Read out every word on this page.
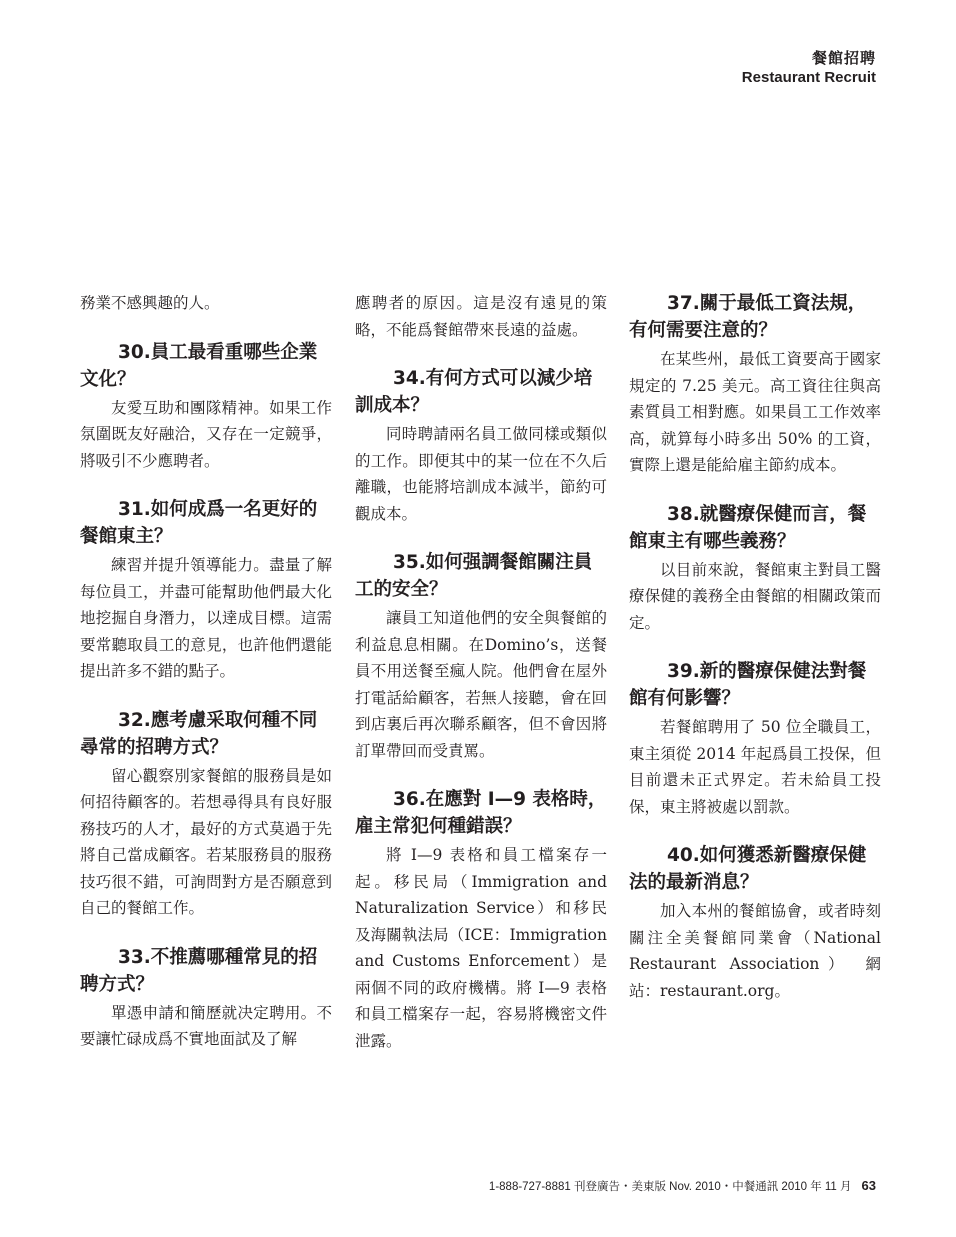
餐館招聘
Restaurant Recruit

務業不感興趣的人。

30.員工最看重哪些企業文化？

友愛互助和團隊精神。如果工作氛圍既友好融洽，又存在一定競爭，將吸引不少應聘者。

31.如何成爲一名更好的餐館東主？

練習并提升領導能力。盡量了解每位員工，并盡可能幫助他們最大化地挖掘自身潛力，以達成目標。這需要常聽取員工的意見，也許他們還能提出許多不錯的點子。

32.應考慮采取何種不同尋常的招聘方式？

留心觀察別家餐館的服務員是如何招待顧客的。若想尋得具有良好服務技巧的人才，最好的方式莫過于先將自己當成顧客。若某服務員的服務技巧很不錯，可詢問對方是否願意到自己的餐館工作。

33.不推薦哪種常見的招聘方式？

單憑申請和簡歷就决定聘用。不要讓忙碌成爲不實地面試及了解

應聘者的原因。這是沒有遠見的策略，不能爲餐館帶來長遠的益處。

34.有何方式可以減少培訓成本？

同時聘請兩名員工做同樣或類似的工作。即便其中的某一位在不久后離職，也能將培訓成本減半，節約可觀成本。

35.如何强調餐館關注員工的安全？

讓員工知道他們的安全與餐館的利益息息相關。在Domino’s，送餐員不用送餐至瘋人院。他們會在屋外打電話給顧客，若無人接聽，會在回到店裏后再次聯系顧客，但不會因將訂單帶回而受責罵。

36.在應對 I—9 表格時，雇主常犯何種錯誤？

將 I—9 表格和員工檔案存一起。移民局（Immigration and Naturalization Service）和移民及海關執法局（ICE：Immigration and Customs Enforcement）是兩個不同的政府機構。將 I—9 表格和員工檔案存一起，容易將機密文件泄露。

37.關于最低工資法規，有何需要注意的？

在某些州，最低工資要高于國家規定的 7.25 美元。高工資往往與高素質員工相對應。如果員工工作效率高，就算每小時多出 50% 的工資，實際上還是能給雇主節約成本。

38.就醫療保健而言，餐館東主有哪些義務？

以目前來說，餐館東主對員工醫療保健的義務全由餐館的相關政策而定。

39.新的醫療保健法對餐館有何影響？

若餐館聘用了 50 位全職員工，東主須從 2014 年起爲員工投保，但目前還未正式界定。若未給員工投保，東主將被處以罰款。

40.如何獲悉新醫療保健法的最新消息？

加入本州的餐館協會，或者時刻關注全美餐館同業會（National Restaurant Association） 網 站：restaurant.org。

1-888-727-8881 刊登廣告・美東版 Nov. 2010・中餐通訊 2010 年 11 月 63
